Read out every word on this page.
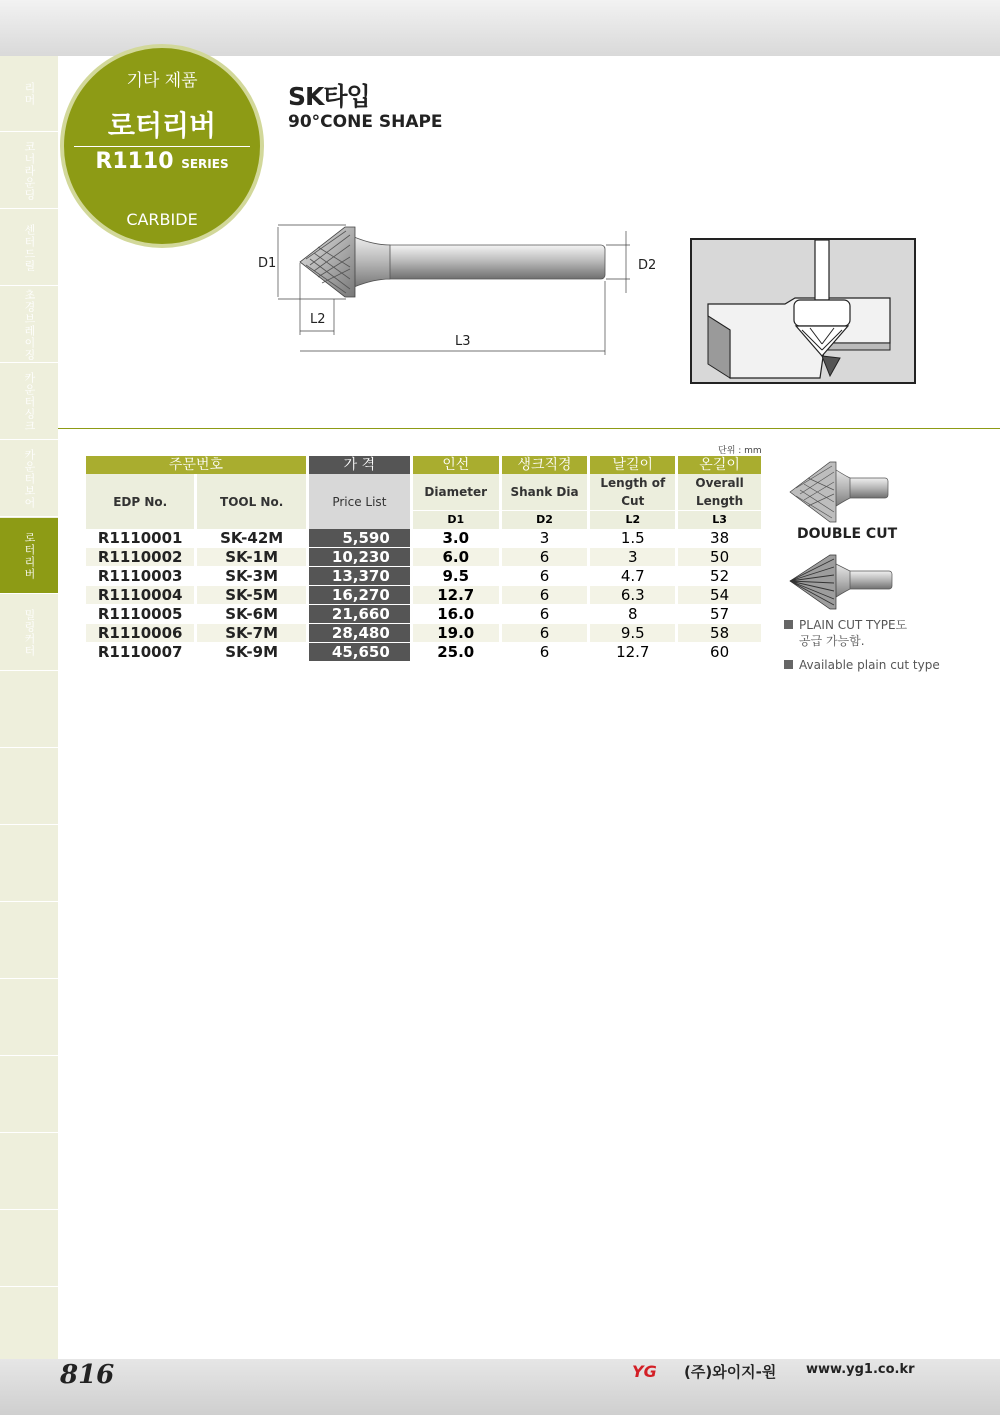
리머
코너라운딩
센터드릴
초경브레이징
카운터싱크
카운터보어
로터리버
밀링커터
기타 제품
로터리버
R1110 SERIES
CARBIDE
SK타입
90°CONE SHAPE
D1	D2
L2
L3
단위 : mm
주문번호		가 격	인선	생크직경	날길이	온길이
EDP No.	TOOL No.	Price List	Diameter	Shank Dia	Length of Cut	Overall Length
			D1	D2	L2	L3
R1110001	SK-42M	5,590	3.0	3	1.5	38
R1110002	SK-1M	10,230	6.0	6	3	50
R1110003	SK-3M	13,370	9.5	6	4.7	52
R1110004	SK-5M	16,270	12.7	6	6.3	54
R1110005	SK-6M	21,660	16.0	6	8	57
R1110006	SK-7M	28,480	19.0	6	9.5	58
R1110007	SK-9M	45,650	25.0	6	12.7	60
DOUBLE CUT
PLAIN CUT TYPE도
공급 가능함.
Available plain cut type
816	YG (주)와이지-원 www.yg1.co.kr
